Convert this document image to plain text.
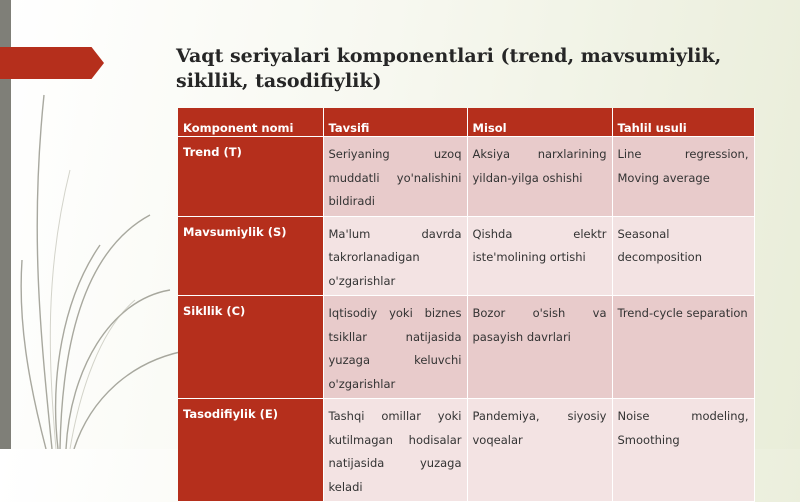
Vaqt seriyalari komponentlari (trend, mavsumiylik, sikllik, tasodifiylik)
Komponent nomi	Tavsifi	Misol	Tahlil usuli
Trend (T)	Seriyaning uzoq muddatli yo'nalishini bildiradi	Aksiya narxlarining yildan-yilga oshishi	Line regression, Moving average
Mavsumiylik (S)	Ma'lum davrda takrorlanadigan o'zgarishlar	Qishda elektr iste'molining ortishi	Seasonal decomposition
Sikllik (C)	Iqtisodiy yoki biznes tsikllar natijasida yuzaga keluvchi o'zgarishlar	Bozor o'sish va pasayish davrlari	Trend-cycle separation
Tasodifiylik (E)	Tashqi omillar yoki kutilmagan hodisalar natijasida yuzaga keladi	Pandemiya, siyosiy voqealar	Noise modeling, Smoothing
